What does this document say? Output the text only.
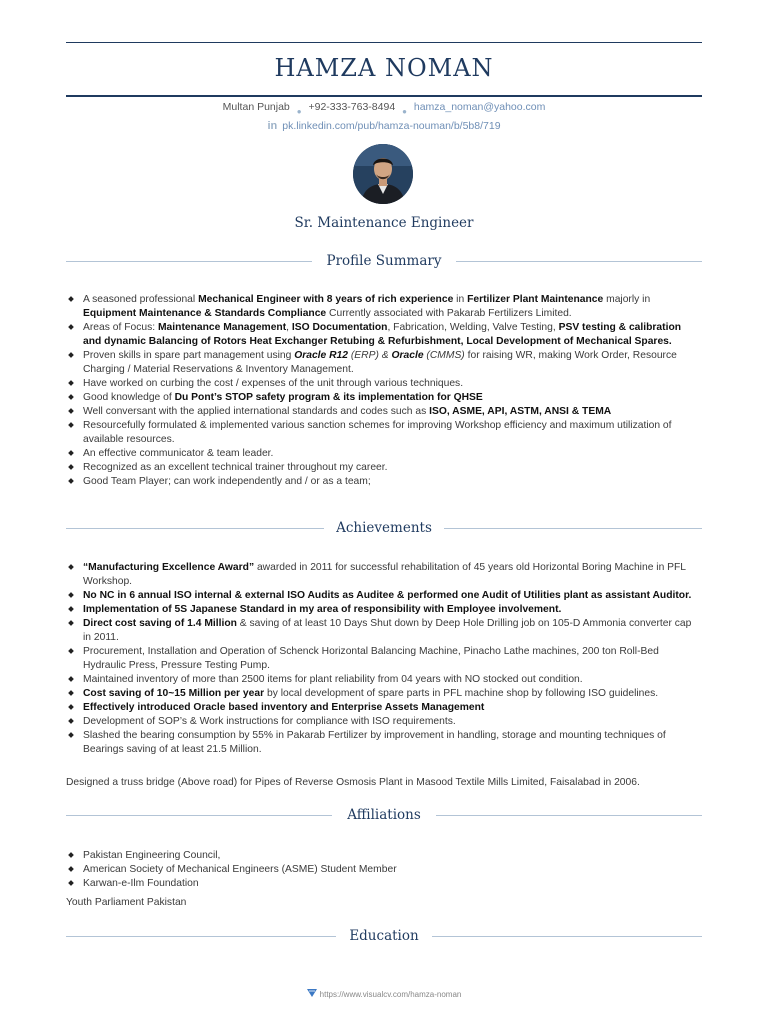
HAMZA NOMAN
Multan Punjab $_●$ +92-333-763-8494 $_●$ hamza_noman@yahoo.com
in pk.linkedin.com/pub/hamza-nouman/b/5b8/719
Sr. Maintenance Engineer
Profile Summary
A seasoned professional Mechanical Engineer with 8 years of rich experience in Fertilizer Plant Maintenance majorly in Equipment Maintenance & Standards Compliance Currently associated with Pakarab Fertilizers Limited.
Areas of Focus: Maintenance Management, ISO Documentation, Fabrication, Welding, Valve Testing, PSV testing & calibration and dynamic Balancing of Rotors Heat Exchanger Retubing & Refurbishment, Local Development of Mechanical Spares.
Proven skills in spare part management using Oracle R12 (ERP) & Oracle (CMMS) for raising WR, making Work Order, Resource Charging / Material Reservations & Inventory Management.
Have worked on curbing the cost / expenses of the unit through various techniques.
Good knowledge of Du Pont’s STOP safety program & its implementation for QHSE
Well conversant with the applied international standards and codes such as ISO, ASME, API, ASTM, ANSI & TEMA
Resourcefully formulated & implemented various sanction schemes for improving Workshop efficiency and maximum utilization of available resources.
An effective communicator & team leader.
Recognized as an excellent technical trainer throughout my career.
Good Team Player; can work independently and / or as a team;
Achievements
“Manufacturing Excellence Award” awarded in 2011 for successful rehabilitation of 45 years old Horizontal Boring Machine in PFL Workshop.
No NC in 6 annual ISO internal & external ISO Audits as Auditee & performed one Audit of Utilities plant as assistant Auditor.
Implementation of 5S Japanese Standard in my area of responsibility with Employee involvement.
Direct cost saving of 1.4 Million & saving of at least 10 Days Shut down by Deep Hole Drilling job on 105-D Ammonia converter cap in 2011.
Procurement, Installation and Operation of Schenck Horizontal Balancing Machine, Pinacho Lathe machines, 200 ton Roll-Bed Hydraulic Press, Pressure Testing Pump.
Maintained inventory of more than 2500 items for plant reliability from 04 years with NO stocked out condition.
Cost saving of 10~15 Million per year by local development of spare parts in PFL machine shop by following ISO guidelines.
Effectively introduced Oracle based inventory and Enterprise Assets Management
Development of SOP’s & Work instructions for compliance with ISO requirements.
Slashed the bearing consumption by 55% in Pakarab Fertilizer by improvement in handling, storage and mounting techniques of Bearings saving of at least 21.5 Million.
Designed a truss bridge (Above road) for Pipes of Reverse Osmosis Plant in Masood Textile Mills Limited, Faisalabad in 2006.
Affiliations
Pakistan Engineering Council,
American Society of Mechanical Engineers (ASME) Student Member
Karwan-e-Ilm Foundation
Youth Parliament Pakistan
Education
https://www.visualcv.com/hamza-noman
